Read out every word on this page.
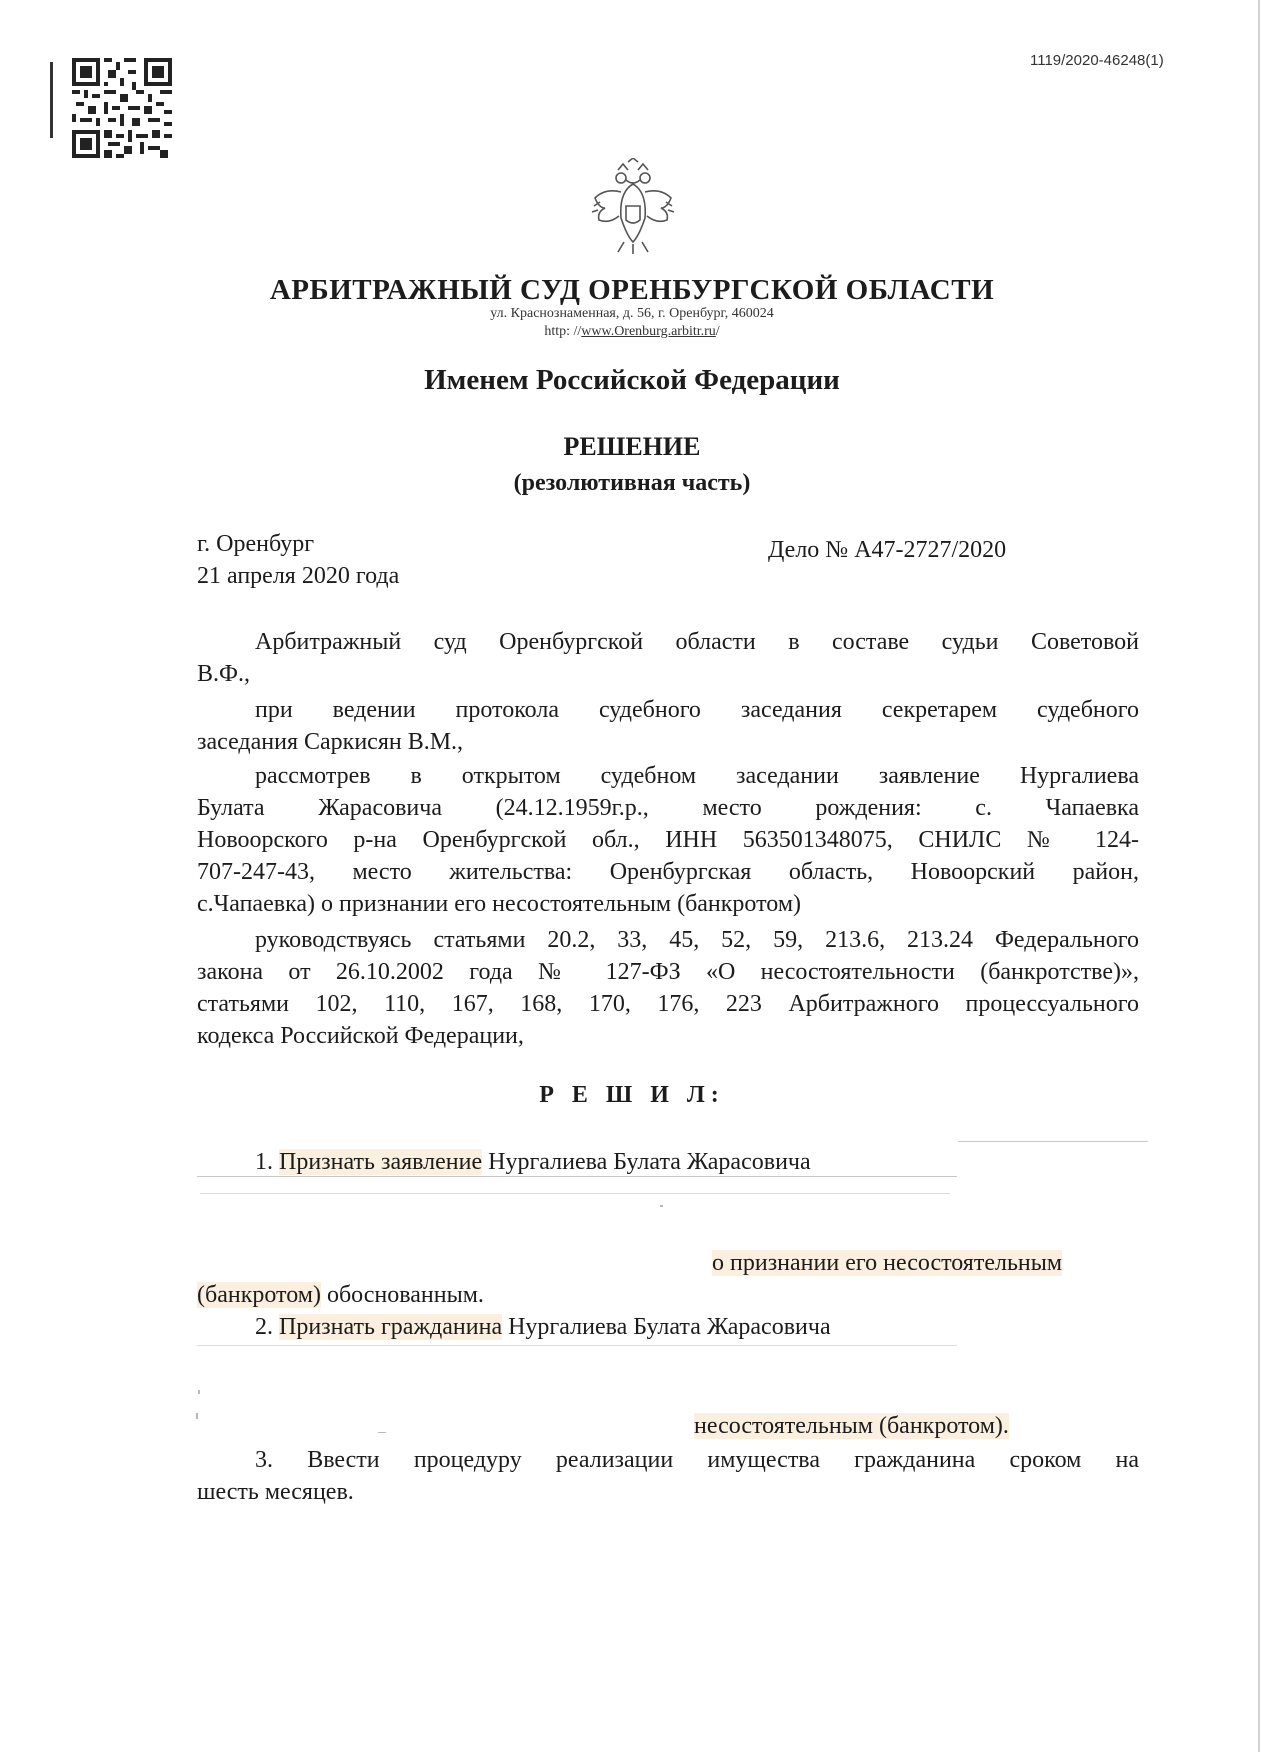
1119/2020-46248(1)
АРБИТРАЖНЫЙ СУД ОРЕНБУРГСКОЙ ОБЛАСТИ
ул. Краснознаменная, д. 56, г. Оренбург, 460024
http: //www.Orenburg.arbitr.ru/
Именем Российской Федерации
РЕШЕНИЕ
(резолютивная часть)
г. Оренбург
21 апреля 2020 года
Дело № А47-2727/2020
Арбитражный суд Оренбургской области в составе судьи Советовой
В.Ф.,
при ведении протокола судебного заседания секретарем судебного
заседания Саркисян В.М.,
рассмотрев в открытом судебном заседании заявление Нургалиева
Булата Жарасовича (24.12.1959г.р., место рождения: с. Чапаевка
Новоорского р-на Оренбургской обл., ИНН 563501348075, СНИЛС № 124-
707-247-43, место жительства: Оренбургская область, Новоорский район,
с.Чапаевка) о признании его несостоятельным (банкротом)
руководствуясь статьями 20.2, 33, 45, 52, 59, 213.6, 213.24 Федерального
закона от 26.10.2002 года № 127-ФЗ «О несостоятельности (банкротстве)»,
статьями 102, 110, 167, 168, 170, 176, 223 Арбитражного процессуального
кодекса Российской Федерации,
Р Е Ш И Л:
1. Признать заявление Нургалиева Булата Жарасовича
о признании его несостоятельным
(банкротом) обоснованным.
2. Признать гражданина Нургалиева Булата Жарасовича
несостоятельным (банкротом).
3. Ввести процедуру реализации имущества гражданина сроком на
шесть месяцев.
